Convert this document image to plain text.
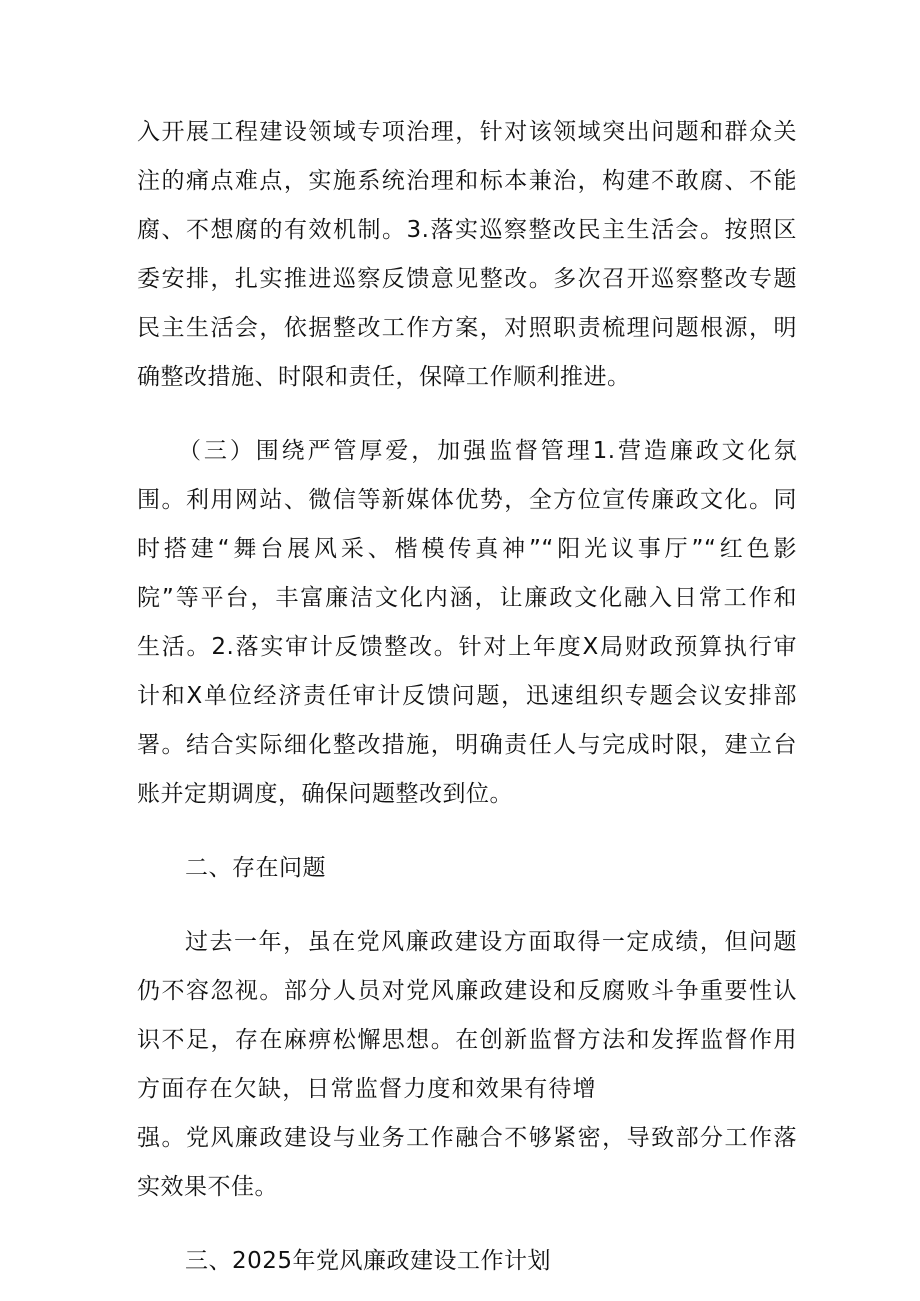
入开展工程建设领域专项治理，针对该领域突出问题和群众关
注的痛点难点，实施系统治理和标本兼治，构建不敢腐、不能
腐、不想腐的有效机制。3.落实巡察整改民主生活会。按照区
委安排，扎实推进巡察反馈意见整改。多次召开巡察整改专题
民主生活会，依据整改工作方案，对照职责梳理问题根源，明
确整改措施、时限和责任，保障工作顺利推进。
（三）围绕严管厚爱，加强监督管理1.营造廉政文化氛
围。利用网站、微信等新媒体优势，全方位宣传廉政文化。同
时搭建“舞台展风采、楷模传真神”“阳光议事厅”“红色影
院”等平台，丰富廉洁文化内涵，让廉政文化融入日常工作和
生活。2.落实审计反馈整改。针对上年度X局财政预算执行审
计和X单位经济责任审计反馈问题，迅速组织专题会议安排部
署。结合实际细化整改措施，明确责任人与完成时限，建立台
账并定期调度，确保问题整改到位。
二、存在问题
过去一年，虽在党风廉政建设方面取得一定成绩，但问题
仍不容忽视。部分人员对党风廉政建设和反腐败斗争重要性认
识不足，存在麻痹松懈思想。在创新监督方法和发挥监督作用
方面存在欠缺，日常监督力度和效果有待增
强。党风廉政建设与业务工作融合不够紧密，导致部分工作落
实效果不佳。
三、2025年党风廉政建设工作计划
